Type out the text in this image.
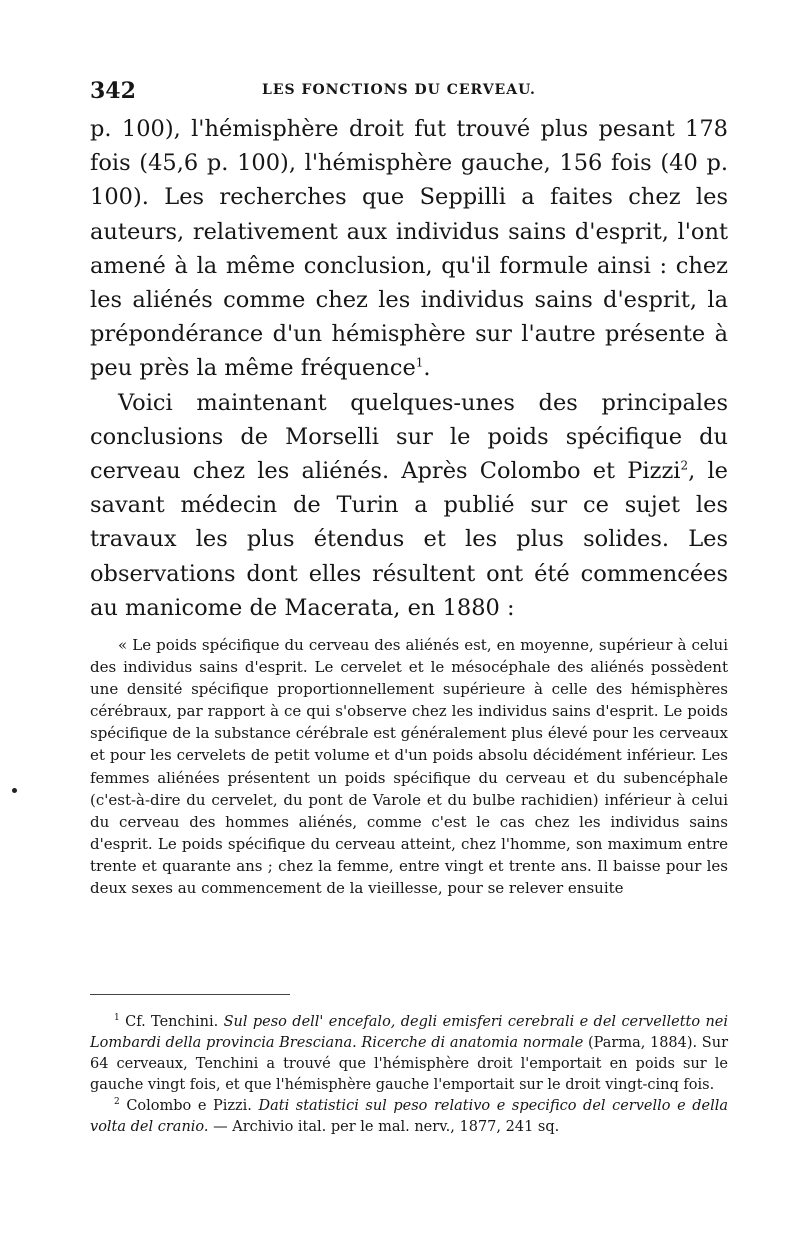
342	LES FONCTIONS DU CERVEAU.

p. 100), l'hémisphère droit fut trouvé plus pesant 178 fois (45,6 p. 100), l'hémisphère gauche, 156 fois (40 p. 100). Les recherches que Seppilli a faites chez les auteurs, relativement aux individus sains d'esprit, l'ont amené à la même conclusion, qu'il formule ainsi : chez les aliénés comme chez les individus sains d'esprit, la prépondérance d'un hémisphère sur l'autre présente à peu près la même fréquence$^1$.

Voici maintenant quelques-unes des principales conclusions de Morselli sur le poids spécifique du cerveau chez les aliénés. Après Colombo et Pizzi$^2$, le savant médecin de Turin a publié sur ce sujet les travaux les plus étendus et les plus solides. Les observations dont elles résultent ont été commencées au manicome de Macerata, en 1880 :

« Le poids spécifique du cerveau des aliénés est, en moyenne, supérieur à celui des individus sains d'esprit. Le cervelet et le mésocéphale des aliénés possèdent une densité spécifique proportionnellement supérieure à celle des hémisphères cérébraux, par rapport à ce qui s'observe chez les individus sains d'esprit. Le poids spécifique de la substance cérébrale est généralement plus élevé pour les cerveaux et pour les cervelets de petit volume et d'un poids absolu décidément inférieur. Les femmes aliénées présentent un poids spécifique du cerveau et du subencéphale (c'est-à-dire du cervelet, du pont de Varole et du bulbe rachidien) inférieur à celui du cerveau des hommes aliénés, comme c'est le cas chez les individus sains d'esprit. Le poids spécifique du cerveau atteint, chez l'homme, son maximum entre trente et quarante ans ; chez la femme, entre vingt et trente ans. Il baisse pour les deux sexes au commencement de la vieillesse, pour se relever ensuite

$^1$ Cf. Tenchini. Sul peso dell' encefalo, degli emisferi cerebrali e del cervelletto nei Lombardi della provincia Bresciana. Ricerche di anatomia normale (Parma, 1884). Sur 64 cerveaux, Tenchini a trouvé que l'hémisphère droit l'emportait en poids sur le gauche vingt fois, et que l'hémisphère gauche l'emportait sur le droit vingt-cinq fois.

$^2$ Colombo e Pizzi. Dati statistici sul peso relativo e specifico del cervello e della volta del cranio. — Archivio ital. per le mal. nerv., 1877, 241 sq.
